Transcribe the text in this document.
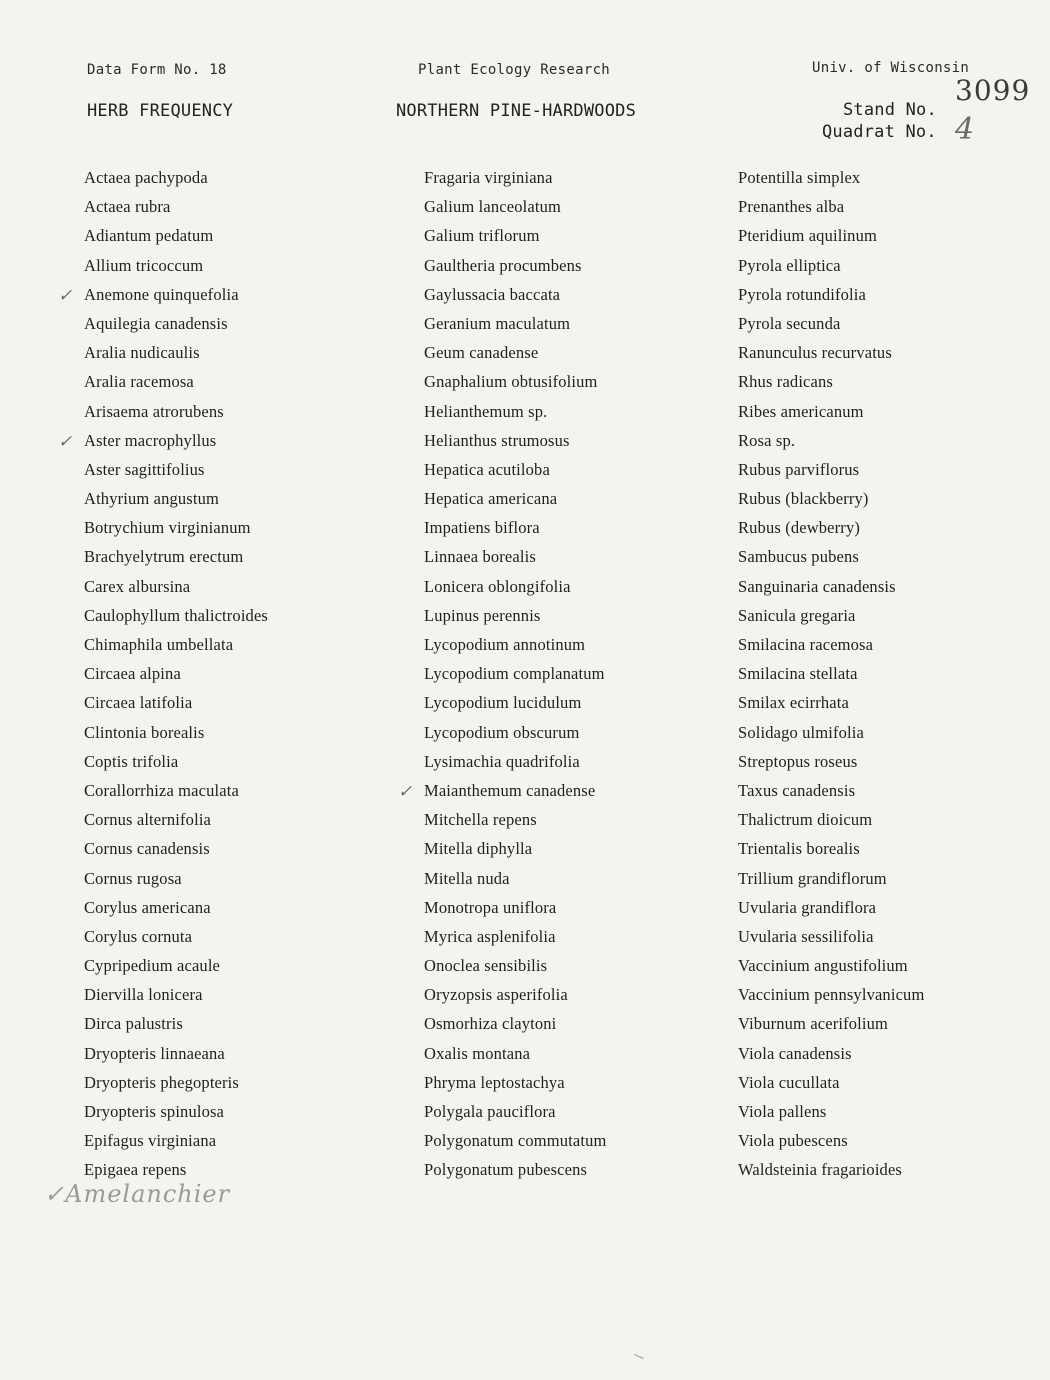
Data Form No. 18	Plant Ecology Research	Univ. of Wisconsin
HERB FREQUENCY	NORTHERN PINE-HARDWOODS	Stand No.
3099
Quadrat No. 4
Actaea pachypoda
Actaea rubra
Adiantum pedatum
Allium tricoccum
✓ Anemone quinquefolia
Aquilegia canadensis
Aralia nudicaulis
Aralia racemosa
Arisaema atrorubens
✓ Aster macrophyllus
Aster sagittifolius
Athyrium angustum
Botrychium virginianum
Brachyelytrum erectum
Carex albursina
Caulophyllum thalictroides
Chimaphila umbellata
Circaea alpina
Circaea latifolia
Clintonia borealis
Coptis trifolia
Corallorrhiza maculata
Cornus alternifolia
Cornus canadensis
Cornus rugosa
Corylus americana
Corylus cornuta
Cypripedium acaule
Diervilla lonicera
Dirca palustris
Dryopteris linnaeana
Dryopteris phegopteris
Dryopteris spinulosa
Epifagus virginiana
Epigaea repens
Fragaria virginiana
Galium lanceolatum
Galium triflorum
Gaultheria procumbens
Gaylussacia baccata
Geranium maculatum
Geum canadense
Gnaphalium obtusifolium
Helianthemum sp.
Helianthus strumosus
Hepatica acutiloba
Hepatica americana
Impatiens biflora
Linnaea borealis
Lonicera oblongifolia
Lupinus perennis
Lycopodium annotinum
Lycopodium complanatum
Lycopodium lucidulum
Lycopodium obscurum
Lysimachia quadrifolia
✓ Maianthemum canadense
Mitchella repens
Mitella diphylla
Mitella nuda
Monotropa uniflora
Myrica asplenifolia
Onoclea sensibilis
Oryzopsis asperifolia
Osmorhiza claytoni
Oxalis montana
Phryma leptostachya
Polygala pauciflora
Polygonatum commutatum
Polygonatum pubescens
Potentilla simplex
Prenanthes alba
Pteridium aquilinum
Pyrola elliptica
Pyrola rotundifolia
Pyrola secunda
Ranunculus recurvatus
Rhus radicans
Ribes americanum
Rosa sp.
Rubus parviflorus
Rubus (blackberry)
Rubus (dewberry)
Sambucus pubens
Sanguinaria canadensis
Sanicula gregaria
Smilacina racemosa
Smilacina stellata
Smilax ecirrhata
Solidago ulmifolia
Streptopus roseus
Taxus canadensis
Thalictrum dioicum
Trientalis borealis
Trillium grandiflorum
Uvularia grandiflora
Uvularia sessilifolia
Vaccinium angustifolium
Vaccinium pennsylvanicum
Viburnum acerifolium
Viola canadensis
Viola cucullata
Viola pallens
Viola pubescens
Waldsteinia fragarioides
✓Amelanchier
